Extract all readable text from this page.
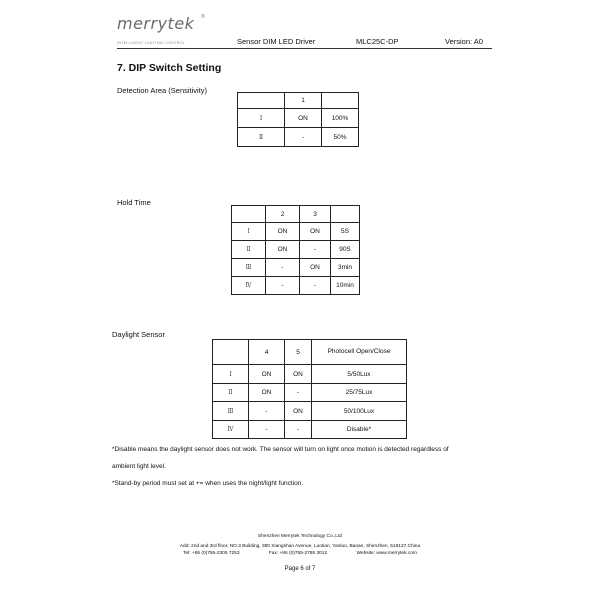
merrytek ®
INTELLIGENT LIGHTING CONTROL	Sensor DIM LED Driver	MLC25C-DP	Version: A0
7. DIP Switch Setting
Detection Area (Sensitivity)
	1	
Ⅰ	ON	100%
Ⅱ	-	50%
Hold Time
	2	3	
Ⅰ	ON	ON	5S
Ⅱ	ON	-	90S
Ⅲ	-	ON	3min
Ⅳ	-	-	10min
Daylight Sensor
	4	5	Photocell Open/Close
Ⅰ	ON	ON	5/50Lux
Ⅱ	ON	-	25/75Lux
Ⅲ	-	ON	50/100Lux
Ⅳ	-	-	Disable*
*Disable means the daylight sensor does not work. The sensor will turn on light once motion is detected regardless of
ambient light level.
*Stand-by period must set at += when uses the night/light function.
Shenzhen Merrytek Technology Co.,Ltd
Add: 2nd and 3rd floor, NO.3 Building, 380 Xiangshan Avenue, Luotian, Yanluo, Baoan, Shenzhen, 518127,China
Tel: +86 (0)755-2305 7253	Fax: +86 (0)755-2786 3012	Website: www.merrytek.com
Page 6 of 7
